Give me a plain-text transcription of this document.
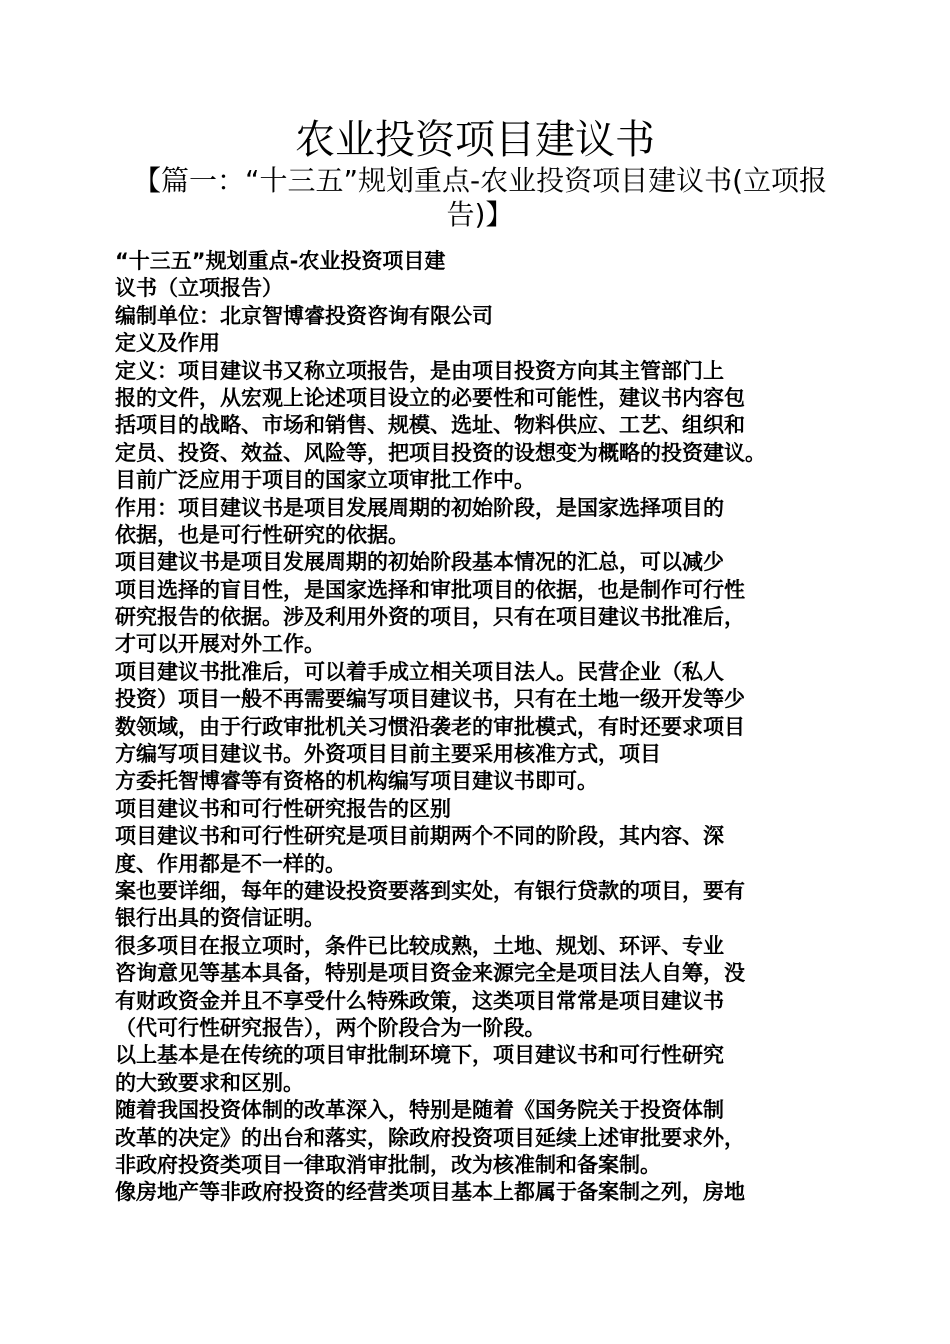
农业投资项目建议书
【篇一：“十三五”规划重点-农业投资项目建议书(立项报
告)】
“十三五”规划重点-农业投资项目建
议书（立项报告）
编制单位：北京智博睿投资咨询有限公司
定义及作用
定义：项目建议书又称立项报告，是由项目投资方向其主管部门上
报的文件，从宏观上论述项目设立的必要性和可能性，建议书内容包
括项目的战略、市场和销售、规模、选址、物料供应、工艺、组织和
定员、投资、效益、风险等，把项目投资的设想变为概略的投资建议。
目前广泛应用于项目的国家立项审批工作中。
作用：项目建议书是项目发展周期的初始阶段，是国家选择项目的
依据，也是可行性研究的依据。
项目建议书是项目发展周期的初始阶段基本情况的汇总，可以减少
项目选择的盲目性，是国家选择和审批项目的依据，也是制作可行性
研究报告的依据。涉及利用外资的项目，只有在项目建议书批准后，
才可以开展对外工作。
项目建议书批准后，可以着手成立相关项目法人。民营企业（私人
投资）项目一般不再需要编写项目建议书，只有在土地一级开发等少
数领域，由于行政审批机关习惯沿袭老的审批模式，有时还要求项目
方编写项目建议书。外资项目目前主要采用核准方式，项目
方委托智博睿等有资格的机构编写项目建议书即可。
项目建议书和可行性研究报告的区别
项目建议书和可行性研究是项目前期两个不同的阶段，其内容、深
度、作用都是不一样的。
案也要详细，每年的建设投资要落到实处，有银行贷款的项目，要有
银行出具的资信证明。
很多项目在报立项时，条件已比较成熟，土地、规划、环评、专业
咨询意见等基本具备，特别是项目资金来源完全是项目法人自筹，没
有财政资金并且不享受什么特殊政策，这类项目常常是项目建议书
（代可行性研究报告），两个阶段合为一阶段。
以上基本是在传统的项目审批制环境下，项目建议书和可行性研究
的大致要求和区别。
随着我国投资体制的改革深入，特别是随着《国务院关于投资体制
改革的决定》的出台和落实，除政府投资项目延续上述审批要求外，
非政府投资类项目一律取消审批制，改为核准制和备案制。
像房地产等非政府投资的经营类项目基本上都属于备案制之列，房地
